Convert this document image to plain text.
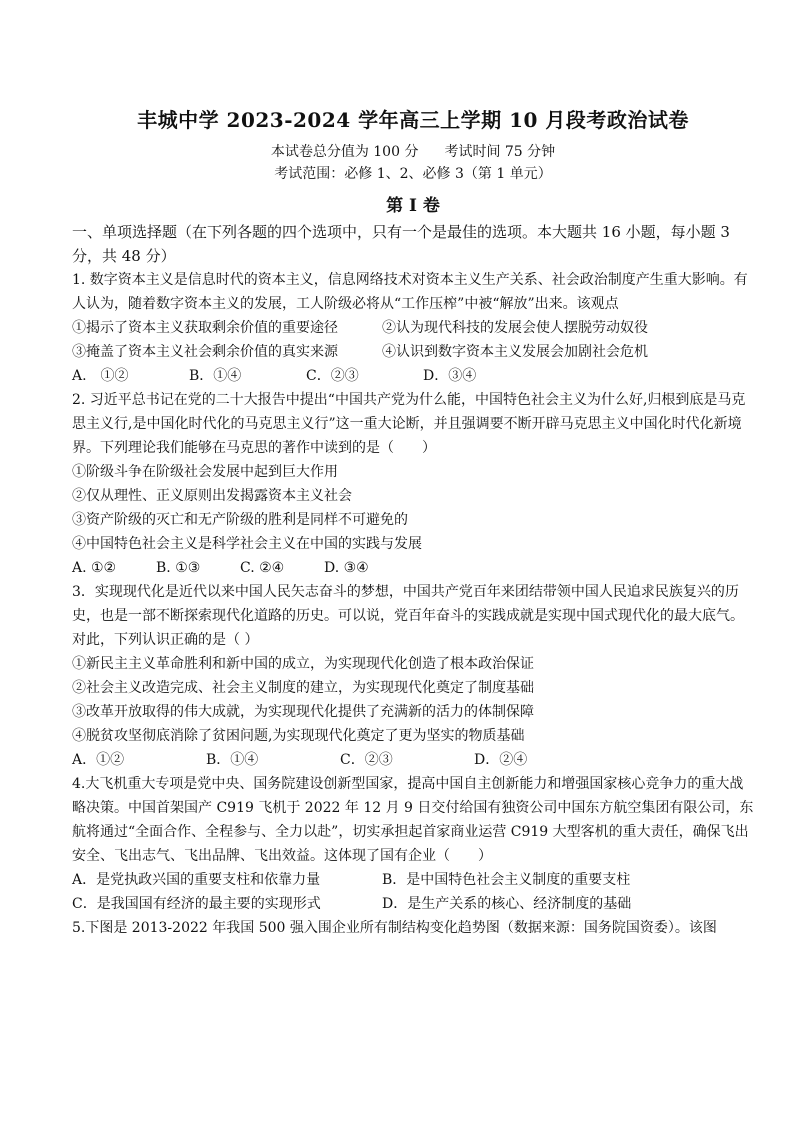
丰城中学 2023-2024 学年高三上学期 10 月段考政治试卷
本试卷总分值为 100 分 考试时间 75 分钟
考试范围：必修 1、2、必修 3（第 1 单元）
第 I 卷

一、单项选择题（在下列各题的四个选项中，只有一个是最佳的选项。本大题共 16 小题，每小题 3 分，共 48 分）

1. 数字资本主义是信息时代的资本主义，信息网络技术对资本主义生产关系、社会政治制度产生重大影响。有人认为，随着数字资本主义的发展，工人阶级必将从“工作压榨”中被“解放”出来。该观点

①揭示了资本主义获取剩余价值的重要途径	②认为现代科技的发展会使人摆脱劳动奴役
③掩盖了资本主义社会剩余价值的真实来源	④认识到数字资本主义发展会加剧社会危机
A.　①②	B．①④	C．②③	D．③④

2. 习近平总书记在党的二十大报告中提出“中国共产党为什么能，中国特色社会主义为什么好,归根到底是马克思主义行,是中国化时代化的马克思主义行”这一重大论断，并且强调要不断开辟马克思主义中国化时代化新境界。下列理论我们能够在马克思的著作中读到的是（　　）

①阶级斗争在阶级社会发展中起到巨大作用

②仅从理性、正义原则出发揭露资本主义社会

③资产阶级的灭亡和无产阶级的胜利是同样不可避免的

④中国特色社会主义是科学社会主义在中国的实践与发展

A. ①②	B. ①③	C. ②④	D. ③④

3．实现现代化是近代以来中国人民矢志奋斗的梦想，中国共产党百年来团结带领中国人民追求民族复兴的历史，也是一部不断探索现代化道路的历史。可以说，党百年奋斗的实践成就是实现中国式现代化的最大底气。对此，下列认识正确的是（ ）

①新民主主义革命胜利和新中国的成立，为实现现代化创造了根本政治保证

②社会主义改造完成、社会主义制度的建立，为实现现代化奠定了制度基础

③改革开放取得的伟大成就，为实现现代化提供了充满新的活力的体制保障

④脱贫攻坚彻底消除了贫困问题,为实现现代化奠定了更为坚实的物质基础

A．①②	B．①④	C．②③	D．②④

4.大飞机重大专项是党中央、国务院建设创新型国家，提高中国自主创新能力和增强国家核心竞争力的重大战略决策。中国首架国产 C919 飞机于 2022 年 12 月 9 日交付给国有独资公司中国东方航空集团有限公司，东航将通过“全面合作、全程参与、全力以赴”，切实承担起首家商业运营 C919 大型客机的重大责任，确保飞出安全、飞出志气、飞出品牌、飞出效益。这体现了国有企业（　　）

A．是党执政兴国的重要支柱和依靠力量	B．是中国特色社会主义制度的重要支柱
C．是我国国有经济的最主要的实现形式	D．是生产关系的核心、经济制度的基础

5.下图是 2013-2022 年我国 500 强入围企业所有制结构变化趋势图（数据来源：国务院国资委）。该图
